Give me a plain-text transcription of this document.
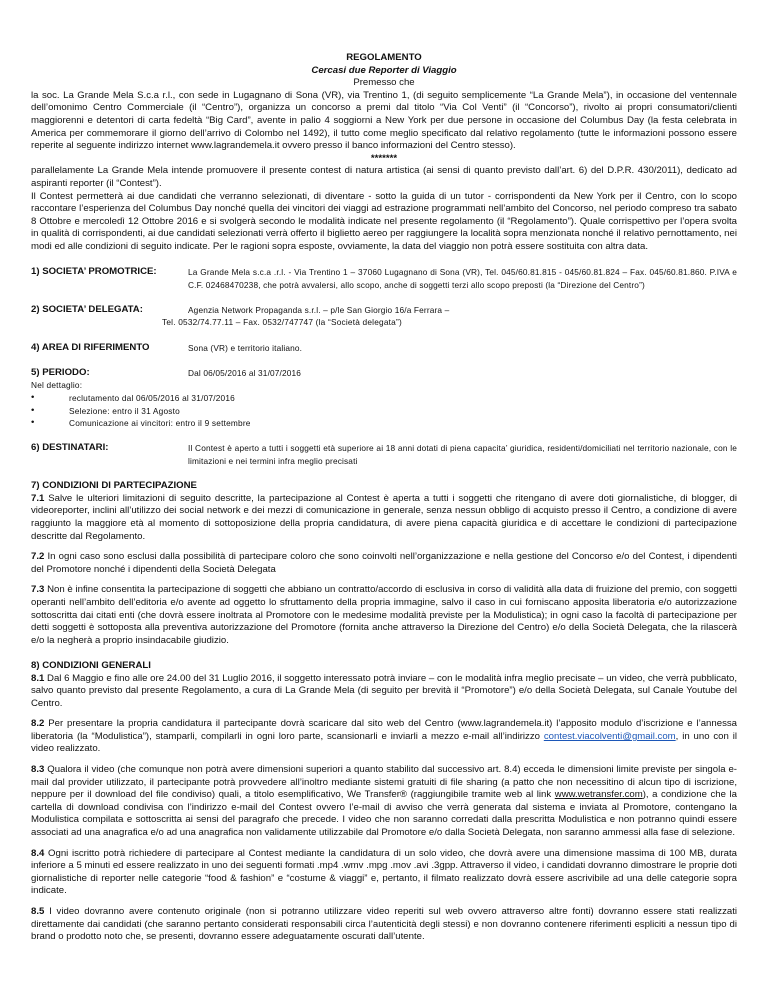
REGOLAMENTO

Cercasi due Reporter di Viaggio

Premesso che

la soc. La Grande Mela S.c.a r.l., con sede in Lugagnano di Sona (VR), via Trentino 1, (di seguito semplicemente “La Grande Mela”), in occasione del ventennale dell’omonimo Centro Commerciale (il “Centro”), organizza un concorso a premi dal titolo “Via Col Venti” (il “Concorso”), rivolto ai propri consumatori/clienti maggiorenni e detentori di carta fedeltà “Big Card”, avente in palio 4 soggiorni a New York per due persone in occasione del Columbus Day (la festa celebrata in America per commemorare il giorno dell’arrivo di Colombo nel 1492), il tutto come meglio specificato dal relativo regolamento (tutte le informazioni possono essere reperite al seguente indirizzo internet www.lagrandemela.it ovvero presso il banco informazioni del Centro stesso).

*******

parallelamente La Grande Mela intende promuovere il presente contest di natura artistica (ai sensi di quanto previsto dall’art. 6) del D.P.R. 430/2011), dedicato ad aspiranti reporter (il “Contest”).

Il Contest permetterà ai due candidati che verranno selezionati, di diventare - sotto la guida di un tutor - corrispondenti da New York per il Centro, con lo scopo raccontare l’esperienza del Columbus Day nonché quella dei vincitori dei viaggi ad estrazione programmati nell’ambito del Concorso, nel periodo compreso tra sabato 8 Ottobre e mercoledì 12 Ottobre 2016 e si svolgerà secondo le modalità indicate nel presente regolamento (il “Regolamento”). Quale corrispettivo per l’opera svolta in qualità di corrispondenti, ai due candidati selezionati verrà offerto il biglietto aereo per raggiungere la località sopra menzionata nonché il relativo pernottamento, nei modi ed alle condizioni di seguito indicate. Per le ragioni sopra esposte, ovviamente, la data del viaggio non potrà essere sostituita con altra data.

1) SOCIETA’ PROMOTRICE:	La Grande Mela s.c.a .r.l. - Via Trentino 1 – 37060 Lugagnano di Sona (VR), Tel. 045/60.81.815 - 045/60.81.824 – Fax. 045/60.81.860. P.IVA e C.F. 02468470238, che potrà avvalersi, allo scopo, anche di soggetti terzi allo scopo preposti (la “Direzione del Centro”)
2) SOCIETA’ DELEGATA:	Agenzia Network Propaganda s.r.l. – p/le San Giorgio 16/a Ferrara –

Tel. 0532/74.77.11 – Fax. 0532/747747 (la “Società delegata”)

4) AREA DI RIFERIMENTO	Sona (VR) e territorio italiano.
5) PERIODO:	Dal 06/05/2016 al 31/07/2016

Nel dettaglio:

•	reclutamento dal 06/05/2016 al 31/07/2016
•	Selezione: entro il 31 Agosto
•	Comunicazione ai vincitori: entro il 9 settembre
6) DESTINATARI:	Il Contest è aperto a tutti i soggetti età superiore ai 18 anni dotati di piena capacita’ giuridica, residenti/domiciliati nel territorio nazionale, con le limitazioni e nei termini infra meglio precisati

7) CONDIZIONI DI PARTECIPAZIONE

7.1 Salve le ulteriori limitazioni di seguito descritte, la partecipazione al Contest è aperta a tutti i soggetti che ritengano di avere doti giornalistiche, di blogger, di videoreporter, inclini all’utilizzo dei social network e dei mezzi di comunicazione in generale, senza nessun obbligo di acquisto presso il Centro, a condizione di avere raggiunto la maggiore età al momento di sottoposizione della propria candidatura, di avere piena capacità giuridica e di accettare le condizioni di partecipazione descritte dal Regolamento.

7.2 In ogni caso sono esclusi dalla possibilità di partecipare coloro che sono coinvolti nell’organizzazione e nella gestione del Concorso e/o del Contest, i dipendenti del Promotore nonché i dipendenti della Società Delegata

7.3 Non è infine consentita la partecipazione di soggetti che abbiano un contratto/accordo di esclusiva in corso di validità alla data di fruizione del premio, con soggetti operanti nell’ambito dell’editoria e/o avente ad oggetto lo sfruttamento della propria immagine, salvo il caso in cui forniscano apposita liberatoria e/o autorizzazione sottoscritta dai citati enti (che dovrà essere inoltrata al Promotore con le medesime modalità previste per la Modulistica); in ogni caso la facoltà di partecipazione per detti soggetti è sottoposta alla preventiva autorizzazione del Promotore (fornita anche attraverso la Direzione del Centro) e/o della Società Delegata, che la rilascerà e/o la negherà a proprio insindacabile giudizio.

8) CONDIZIONI GENERALI

8.1 Dal 6 Maggio e fino alle ore 24.00 del 31 Luglio 2016, il soggetto interessato potrà inviare – con le modalità infra meglio precisate – un video, che verrà pubblicato, salvo quanto previsto dal presente Regolamento, a cura di La Grande Mela (di seguito per brevità il “Promotore”) e/o della Società Delegata, sul Canale Youtube del Centro.

8.2 Per presentare la propria candidatura il partecipante dovrà scaricare dal sito web del Centro (www.lagrandemela.it) l’apposito modulo d’iscrizione e l’annessa liberatoria (la “Modulistica”), stamparli, compilarli in ogni loro parte, scansionarli e inviarli a mezzo e-mail all’indirizzo contest.viacolventi@gmail.com, in uno con il video realizzato.

8.3 Qualora il video (che comunque non potrà avere dimensioni superiori a quanto stabilito dal successivo art. 8.4) ecceda le dimensioni limite previste per singola e-mail dal provider utilizzato, il partecipante potrà provvedere all’inoltro mediante sistemi gratuiti di file sharing (a patto che non necessitino di alcun tipo di iscrizione, neppure per il download del file condiviso) quali, a titolo esemplificativo, We Transfer® (raggiungibile tramite web al link www.wetransfer.com), a condizione che la cartella di download condivisa con l’indirizzo e-mail del Contest ovvero l’e-mail di avviso che verrà generata dal sistema e inviata al Promotore, contengano la Modulistica compilata e sottoscritta ai sensi del paragrafo che precede. I video che non saranno corredati dalla prescritta Modulistica e non potranno quindi essere associati ad una anagrafica e/o ad una anagrafica non validamente utilizzabile dal Promotore e/o dalla Società Delegata, non saranno ammessi alla fase di selezione.

8.4 Ogni iscritto potrà richiedere di partecipare al Contest mediante la candidatura di un solo video, che dovrà avere una dimensione massima di 100 MB, durata inferiore a 5 minuti ed essere realizzato in uno dei seguenti formati .mp4 .wmv .mpg .mov .avi .3gpp. Attraverso il video, i candidati dovranno dimostrare le proprie doti giornalistiche di reporter nelle categorie “food & fashion” e “costume & viaggi” e, pertanto, il filmato realizzato dovrà essere ascrivibile ad una delle categorie sopra indicate.

8.5 I video dovranno avere contenuto originale (non si potranno utilizzare video reperiti sul web ovvero attraverso altre fonti) dovranno essere stati realizzati direttamente dai candidati (che saranno pertanto considerati responsabili circa l’autenticità degli stessi) e non dovranno contenere riferimenti espliciti a nessun tipo di brand o prodotto noto che, se presenti, dovranno essere adeguatamente oscurati dall’utente.
